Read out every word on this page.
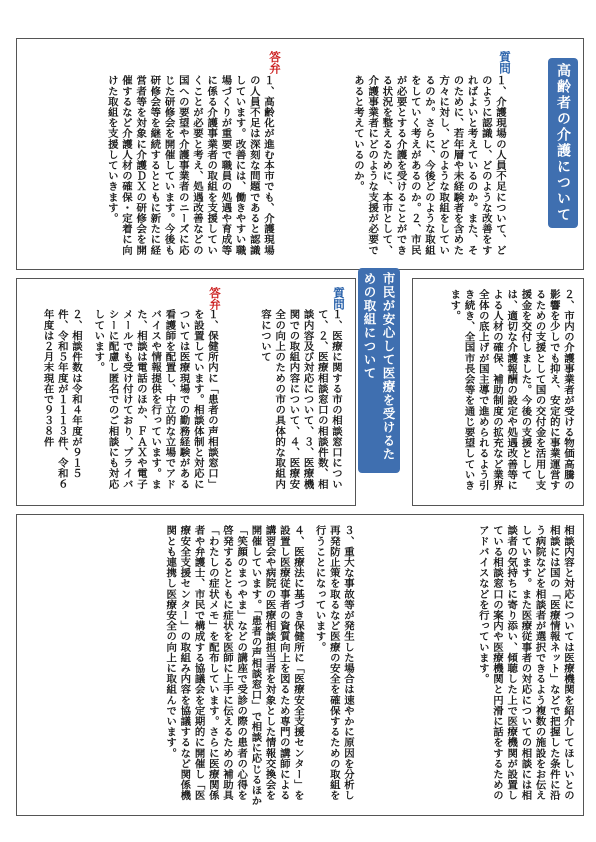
質問
１、介護現場の人員不足について、どのように認識し、どのような改善をすればよいと考えているのか。また、そのために、若年層や未経験者を含めた方々に対し、どのような取組をしているのか。さらに、今後どのような取組をしていく考えがあるのか。２、市民が必要とする介護を受けることができる状況を整えるために、本市として、介護事業者にどのような支援が必要であると考えているのか。
答弁
１、高齢化が進む本市でも、介護現場の人員不足は深刻な問題であると認識しています。改善には、働きやすい職場づくりが重要で職員の処遇や育成等に係る介護事業者の取組を支援していくことが必要と考え、処遇改善などの国への要望や介護事業者のニーズに応じた研修会を開催しています。今後も研修会等を継続するとともに新たに経営者等を対象に介護ＤＸの研修会を開催するなど介護人材の確保・定着に向けた取組を支援していきます。	高齢者の介護について
２、市内の介護事業者が受ける物価高騰の影響を少しでも抑え、安定的に事業運営するための支援として国の交付金を活用し支援金を交付しました。今後の支援としては、適切な介護報酬の設定や処遇改善等による人材の確保、補助制度の拡充など業界全体の底上げが国主導で進められるよう引き続き、全国市長会等を通じ要望していきます。
質問
１、医療に関する市の相談窓口について、２、医療相談窓口の相談件数、相談内容及び対応について、３、医療機関での取組内容について、４、医療安全の向上のための市の具体的な取組内容について
答弁
１、保健所内に「患者の声相談窓口」を設置しています。相談体制と対応については医療現場での勤務経験がある看護師を配置し、中立的な立場でアドバイスや情報提供を行っています。また、相談は電話のほか、ＦＡＸや電子メールでも受け付けており、プライバシーに配慮し匿名でのご相談にも対応しています。
２、相談件数は令和４年度が９１５件、令和５年度が１１１３件、令和６年度は２月末現在で９３８件	市民が安心して医療を受けるための取組について
相談内容と対応については医療機関を紹介してほしいとの相談には国の「医療情報ネット」などで把握した条件に沿う病院などを相談者が選択できるよう複数の施設をお伝えしています。また医療従事者の対応についての相談には相談者の気持ちに寄り添い、傾聴した上で医療機関が設置している相談窓口の案内や医療機関と円滑に話をするためのアドバイスなどを行っています。
３、重大な事故等が発生した場合は速やかに原因を分析し再発防止策を取るなど医療の安全を確保するための取組を行うことになっています。
４、医療法に基づき保健所に「医療安全支援センター」を設置し医療従事者の資質向上を図るため専門の講師による講習会や病院の医療相談担当者を対象とした情報交換会を開催しています。「患者の声相談窓口」で相談に応じるほか「笑顔のまつやま」などの講座で受診の際の患者の心得を啓発するとともに症状を医師に上手に伝えるための補助具「わたしの症状メモ」を配布しています。さらに医療関係者や弁護士、市民で構成する協議会を定期的に開催し「医療安全支援センター」の取組み内容を協議するなど関係機関とも連携し医療安全の向上に取組んでいます。
